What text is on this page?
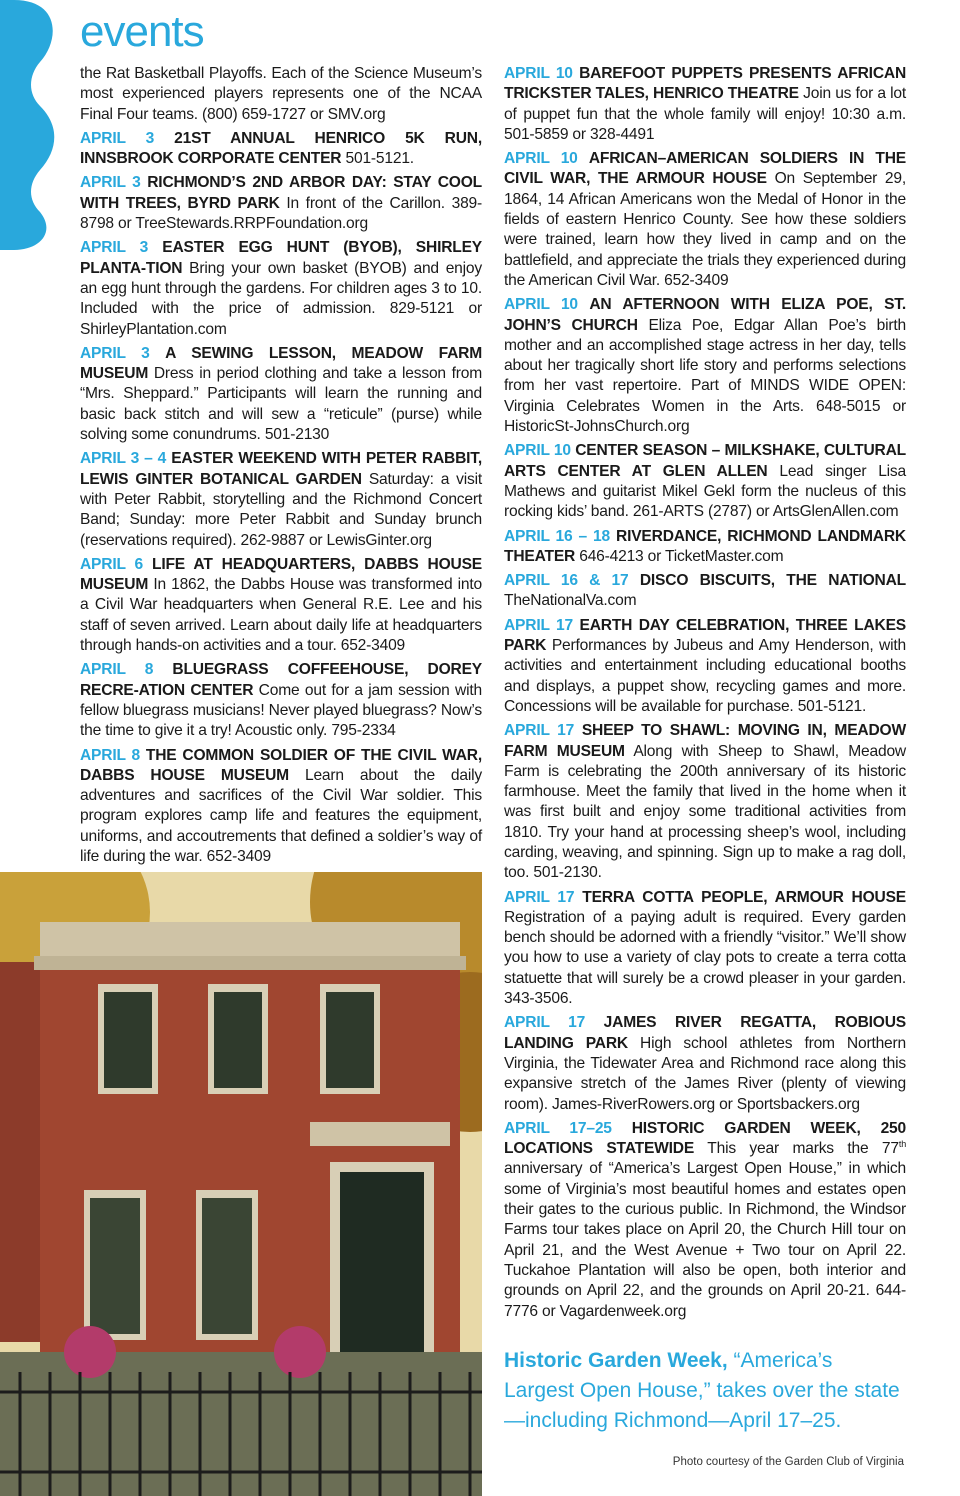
events

the Rat Basketball Playoffs. Each of the Science Museum’s most experienced players represents one of the NCAA Final Four teams. (800) 659-1727 or SMV.org

APRIL 3 21ST ANNUAL HENRICO 5K RUN, INNSBROOK CORPORATE CENTER 501-5121.

APRIL 3 RICHMOND’S 2ND ARBOR DAY: STAY COOL WITH TREES, BYRD PARK In front of the Carillon. 389-8798 or TreeStewards.RRPFoundation.org

APRIL 3 EASTER EGG HUNT (BYOB), SHIRLEY PLANTA-TION Bring your own basket (BYOB) and enjoy an egg hunt through the gardens. For children ages 3 to 10. Included with the price of admission. 829-5121 or ShirleyPlantation.com

APRIL 3 A SEWING LESSON, MEADOW FARM MUSEUM Dress in period clothing and take a lesson from “Mrs. Sheppard.” Participants will learn the running and basic back stitch and will sew a “reticule” (purse) while solving some conundrums. 501-2130

APRIL 3 – 4 EASTER WEEKEND WITH PETER RABBIT, LEWIS GINTER BOTANICAL GARDEN Saturday: a visit with Peter Rabbit, storytelling and the Richmond Concert Band; Sunday: more Peter Rabbit and Sunday brunch (reservations required). 262-9887 or LewisGinter.org

APRIL 6 LIFE AT HEADQUARTERS, DABBS HOUSE MUSEUM In 1862, the Dabbs House was transformed into a Civil War headquarters when General R.E. Lee and his staff of seven arrived. Learn about daily life at headquarters through hands-on activities and a tour. 652-3409

APRIL 8 BLUEGRASS COFFEEHOUSE, DOREY RECRE-ATION CENTER Come out for a jam session with fellow bluegrass musicians! Never played bluegrass? Now’s the time to give it a try! Acoustic only. 795-2334

APRIL 8 THE COMMON SOLDIER OF THE CIVIL WAR, DABBS HOUSE MUSEUM Learn about the daily adventures and sacrifices of the Civil War soldier. This program explores camp life and features the equipment, uniforms, and accoutrements that defined a soldier’s way of life during the war. 652-3409

APRIL 10 BAREFOOT PUPPETS PRESENTS AFRICAN TRICKSTER TALES, HENRICO THEATRE Join us for a lot of puppet fun that the whole family will enjoy! 10:30 a.m. 501-5859 or 328-4491

APRIL 10 AFRICAN–AMERICAN SOLDIERS IN THE CIVIL WAR, THE ARMOUR HOUSE On September 29, 1864, 14 African Americans won the Medal of Honor in the fields of eastern Henrico County. See how these soldiers were trained, learn how they lived in camp and on the battlefield, and appreciate the trials they experienced during the American Civil War. 652-3409

APRIL 10 AN AFTERNOON WITH ELIZA POE, ST. JOHN’S CHURCH Eliza Poe, Edgar Allan Poe’s birth mother and an accomplished stage actress in her day, tells about her tragically short life story and performs selections from her vast repertoire. Part of MINDS WIDE OPEN: Virginia Celebrates Women in the Arts. 648-5015 or HistoricSt-JohnsChurch.org

APRIL 10 CENTER SEASON – MILKSHAKE, CULTURAL ARTS CENTER AT GLEN ALLEN Lead singer Lisa Mathews and guitarist Mikel Gekl form the nucleus of this rocking kids’ band. 261-ARTS (2787) or ArtsGlenAllen.com

APRIL 16 – 18 RIVERDANCE, RICHMOND LANDMARK THEATER 646-4213 or TicketMaster.com

APRIL 16 & 17 DISCO BISCUITS, THE NATIONAL TheNationalVa.com

APRIL 17 EARTH DAY CELEBRATION, THREE LAKES PARK Performances by Jubeus and Amy Henderson, with activities and entertainment including educational booths and displays, a puppet show, recycling games and more. Concessions will be available for purchase. 501-5121.

APRIL 17 SHEEP TO SHAWL: MOVING IN, MEADOW FARM MUSEUM Along with Sheep to Shawl, Meadow Farm is celebrating the 200th anniversary of its historic farmhouse. Meet the family that lived in the home when it was first built and enjoy some traditional activities from 1810. Try your hand at processing sheep’s wool, including carding, weaving, and spinning. Sign up to make a rag doll, too. 501-2130.

APRIL 17 TERRA COTTA PEOPLE, ARMOUR HOUSE Registration of a paying adult is required. Every garden bench should be adorned with a friendly “visitor.” We’ll show you how to use a variety of clay pots to create a terra cotta statuette that will surely be a crowd pleaser in your garden. 343-3506.

APRIL 17 JAMES RIVER REGATTA, ROBIOUS LANDING PARK High school athletes from Northern Virginia, the Tidewater Area and Richmond race along this expansive stretch of the James River (plenty of viewing room). James-RiverRowers.org or Sportsbackers.org

APRIL 17–25 HISTORIC GARDEN WEEK, 250 LOCATIONS STATEWIDE This year marks the 77th anniversary of “America’s Largest Open House,” in which some of Virginia’s most beautiful homes and estates open their gates to the curious public. In Richmond, the Windsor Farms tour takes place on April 20, the Church Hill tour on April 21, and the West Avenue + Two tour on April 22. Tuckahoe Plantation will also be open, both interior and grounds on April 22, and the grounds on April 20-21. 644-7776 or Vagardenweek.org

Historic Garden Week, “America’s Largest Open House,” takes over the state—including Richmond—April 17–25.

Photo courtesy of the Garden Club of Virginia
